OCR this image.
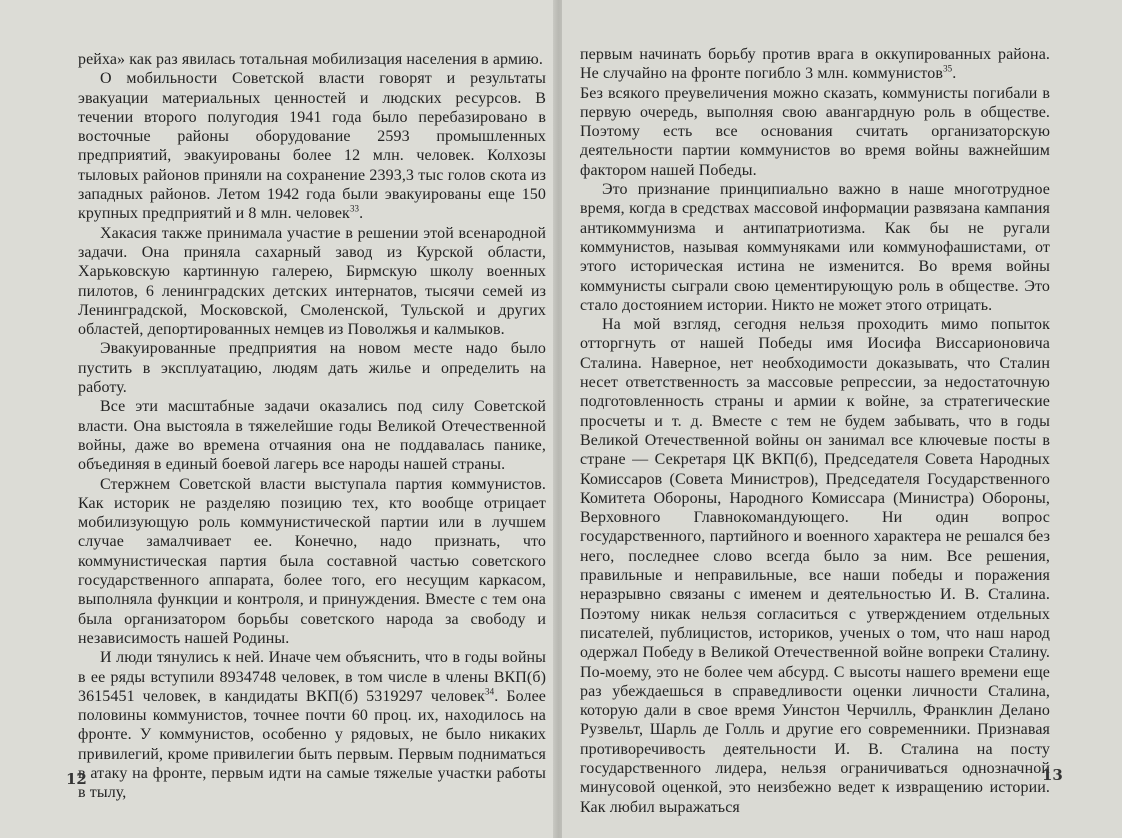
рейха» как раз явилась тотальная мобилизация населения в армию.

О мобильности Советской власти говорят и результаты эвакуации материальных ценностей и людских ресурсов. В течении второго полугодия 1941 года было перебазировано в восточные районы оборудование 2593 промышленных предприятий, эвакуированы более 12 млн. человек. Колхозы тыловых районов приняли на сохранение 2393,3 тыс голов скота из западных районов. Летом 1942 года были эвакуированы еще 150 крупных предприятий и 8 млн. человек$^{33}$.

Хакасия также принимала участие в решении этой всенародной задачи. Она приняла сахарный завод из Курской области, Харьковскую картинную галерею, Бирмскую школу военных пилотов, 6 ленинградских детских интернатов, тысячи семей из Ленинградской, Московской, Смоленской, Тульской и других областей, депортированных немцев из Поволжья и калмыков.

Эвакуированные предприятия на новом месте надо было пустить в эксплуатацию, людям дать жилье и определить на работу.

Все эти масштабные задачи оказались под силу Советской власти. Она выстояла в тяжелейшие годы Великой Отечественной войны, даже во времена отчаяния она не поддавалась панике, объединяя в единый боевой лагерь все народы нашей страны.

Стержнем Советской власти выступала партия коммунистов. Как историк не разделяю позицию тех, кто вообще отрицает мобилизующую роль коммунистической партии или в лучшем случае замалчивает ее. Конечно, надо признать, что коммунистическая партия была составной частью советского государственного аппарата, более того, его несущим каркасом, выполняла функции и контроля, и принуждения. Вместе с тем она была организатором борьбы советского народа за свободу и независимость нашей Родины.

И люди тянулись к ней. Иначе чем объяснить, что в годы войны в ее ряды вступили 8934748 человек, в том числе в члены ВКП(б) 3615451 человек, в кандидаты ВКП(б) 5319297 человек$^{34}$. Более половины коммунистов, точнее почти 60 проц. их, находилось на фронте. У коммунистов, особенно у рядовых, не было никаких привилегий, кроме привилегии быть первым. Первым подниматься в атаку на фронте, первым идти на самые тяжелые участки работы в тылу,

12

первым начинать борьбу против врага в оккупированных района. Не случайно на фронте погибло 3 млн. коммунистов$^{35}$.

Без всякого преувеличения можно сказать, коммунисты погибали в первую очередь, выполняя свою авангардную роль в обществе. Поэтому есть все основания считать организаторскую деятельности партии коммунистов во время войны важнейшим фактором нашей Победы.

Это признание принципиально важно в наше многотрудное время, когда в средствах массовой информации развязана кампания антикоммунизма и антипатриотизма. Как бы не ругали коммунистов, называя коммуняками или коммунофашистами, от этого историческая истина не изменится. Во время войны коммунисты сыграли свою цементирующую роль в обществе. Это стало достоянием истории. Никто не может этого отрицать.

На мой взгляд, сегодня нельзя проходить мимо попыток отторгнуть от нашей Победы имя Иосифа Виссарионовича Сталина. Наверное, нет необходимости доказывать, что Сталин несет ответственность за массовые репрессии, за недостаточную подготовленность страны и армии к войне, за стратегические просчеты и т. д. Вместе с тем не будем забывать, что в годы Великой Отечественной войны он занимал все ключевые посты в стране — Секретаря ЦК ВКП(б), Председателя Совета Народных Комиссаров (Совета Министров), Председателя Государственного Комитета Обороны, Народного Комиссара (Министра) Обороны, Верховного Главнокомандующего. Ни один вопрос государственного, партийного и военного характера не решался без него, последнее слово всегда было за ним. Все решения, правильные и неправильные, все наши победы и поражения неразрывно связаны с именем и деятельностью И. В. Сталина. Поэтому никак нельзя согласиться с утверждением отдельных писателей, публицистов, историков, ученых о том, что наш народ одержал Победу в Великой Отечественной войне вопреки Сталину. По-моему, это не более чем абсурд. С высоты нашего времени еще раз убеждаешься в справедливости оценки личности Сталина, которую дали в свое время Уинстон Черчилль, Франклин Делано Рузвельт, Шарль де Голль и другие его современники. Признавая противоречивость деятельности И. В. Сталина на посту государственного лидера, нельзя ограничиваться однозначной минусовой оценкой, это неизбежно ведет к извращению истории. Как любил выражаться

13
